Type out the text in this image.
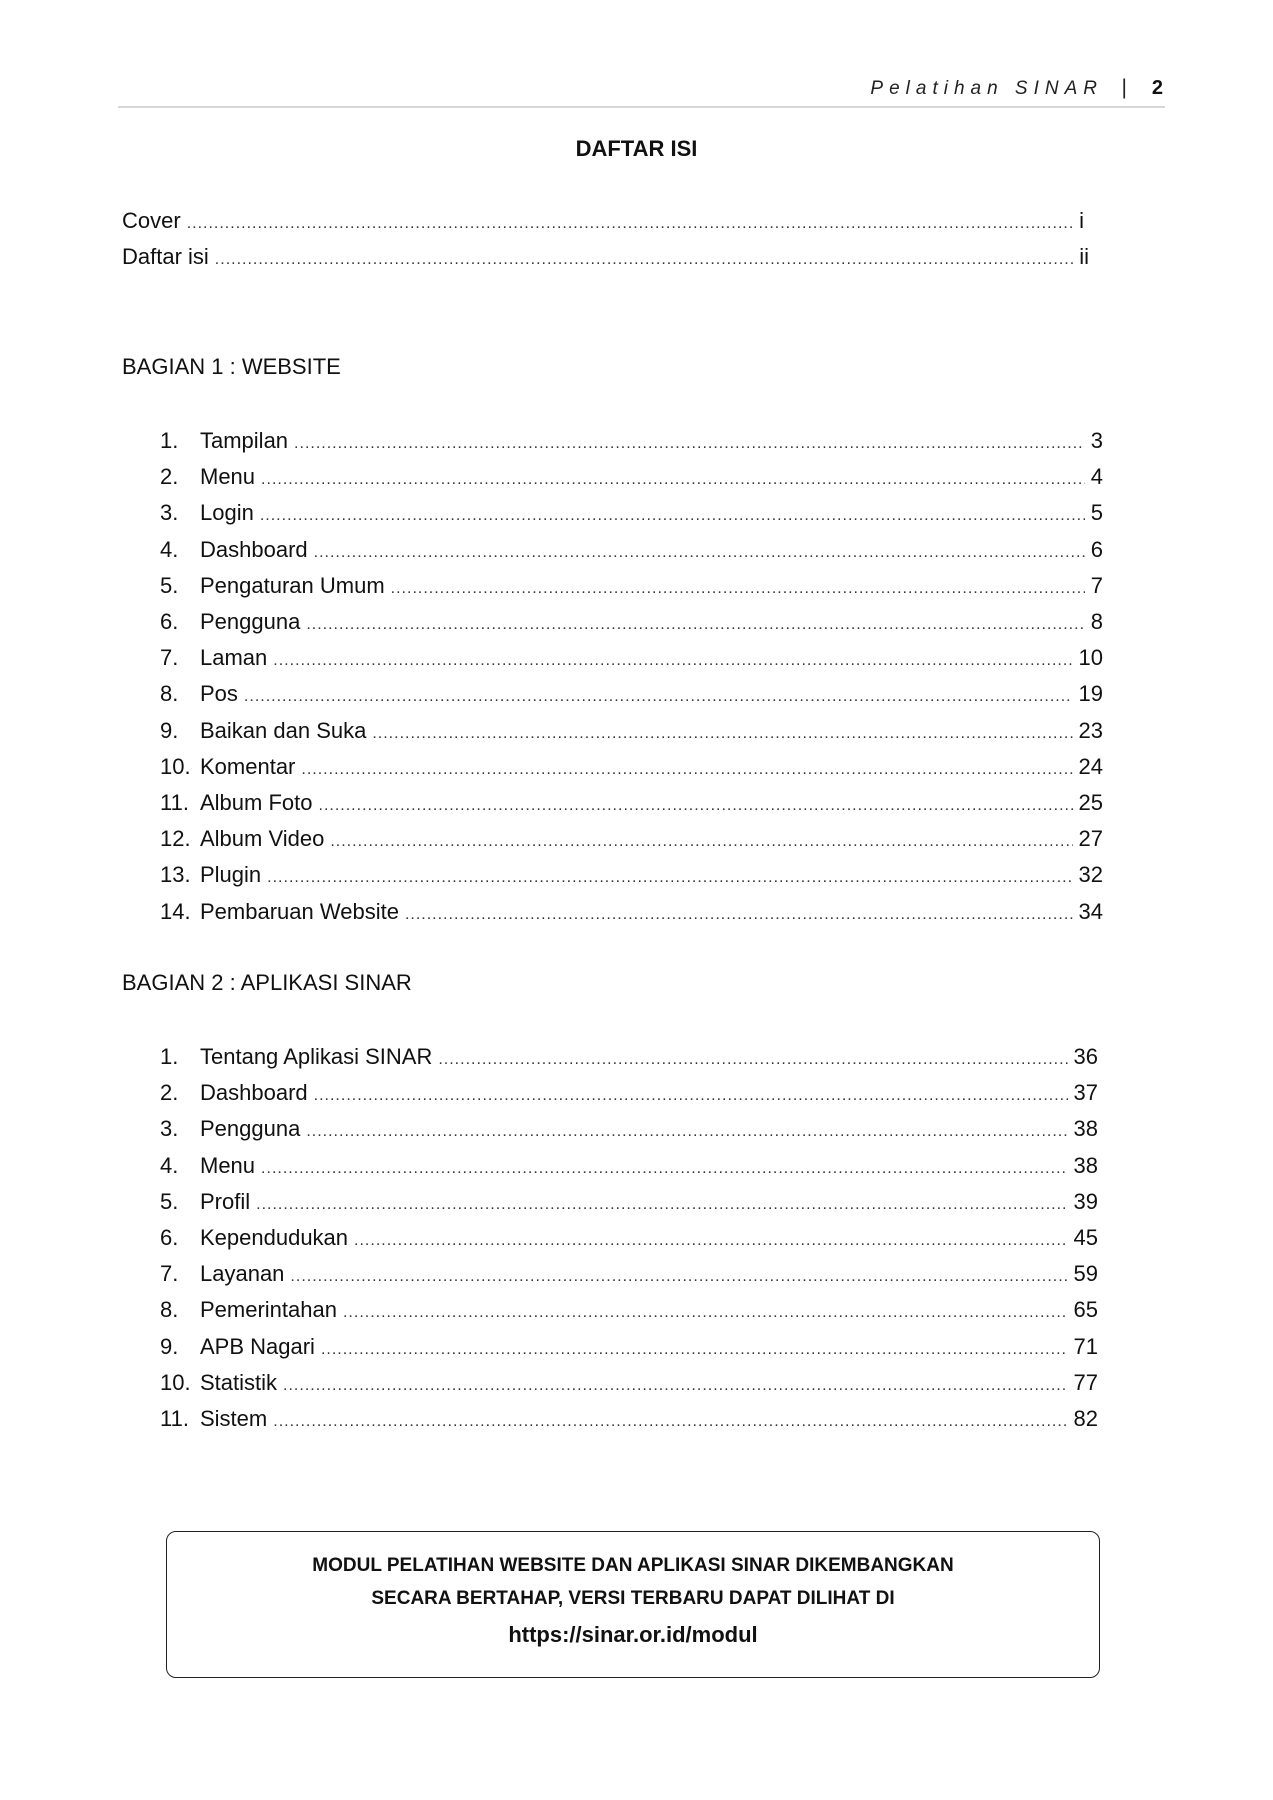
Pelatihan SINAR | 2
DAFTAR ISI
Cover .....	i
Daftar isi .....	ii
BAGIAN 1 : WEBSITE
1. Tampilan .....	3
2. Menu .....	4
3. Login .....	5
4. Dashboard .....	6
5. Pengaturan Umum .....	7
6. Pengguna .....	8
7. Laman .....	10
8. Pos .....	19
9. Baikan dan Suka .....	23
10. Komentar .....	24
11. Album Foto .....	25
12. Album Video .....	27
13. Plugin .....	32
14. Pembaruan Website .....	34
BAGIAN 2 : APLIKASI SINAR
1. Tentang Aplikasi SINAR .....	36
2. Dashboard .....	37
3. Pengguna .....	38
4. Menu .....	38
5. Profil .....	39
6. Kependudukan .....	45
7. Layanan .....	59
8. Pemerintahan .....	65
9. APB Nagari .....	71
10. Statistik .....	77
11. Sistem .....	82
MODUL PELATIHAN WEBSITE DAN APLIKASI SINAR DIKEMBANGKAN
SECARA BERTAHAP, VERSI TERBARU DAPAT DILIHAT DI
https://sinar.or.id/modul
